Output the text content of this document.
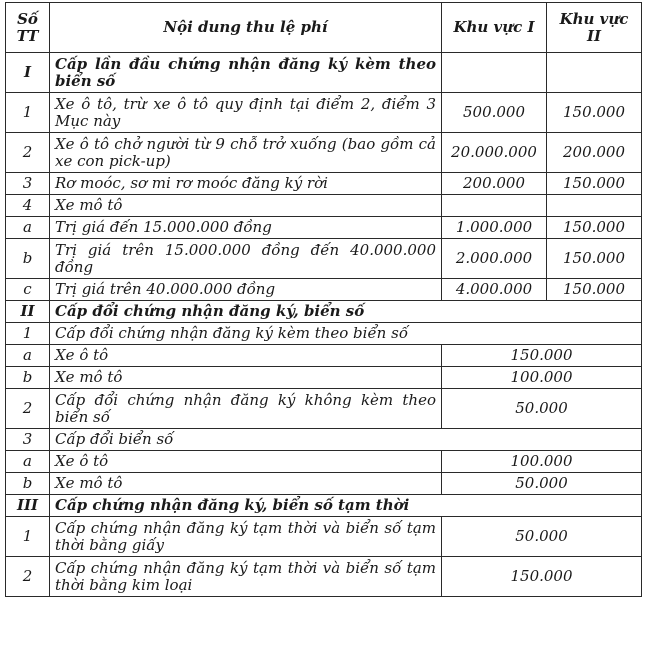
Số TT	Nội dung thu lệ phí	Khu vực I	Khu vực II
I	Cấp lần đầu chứng nhận đăng ký kèm theo biển số		
1	Xe ô tô, trừ xe ô tô quy định tại điểm 2, điểm 3 Mục này	500.000	150.000
2	Xe ô tô chở người từ 9 chỗ trở xuống (bao gồm cả xe con pick-up)	20.000.000	200.000
3	Rơ moóc, sơ mi rơ moóc đăng ký rời	200.000	150.000
4	Xe mô tô		
a	Trị giá đến 15.000.000 đồng	1.000.000	150.000
b	Trị giá trên 15.000.000 đồng đến 40.000.000 đồng	2.000.000	150.000
c	Trị giá trên 40.000.000 đồng	4.000.000	150.000
II	Cấp đổi chứng nhận đăng ký, biển số		
1	Cấp đổi chứng nhận đăng ký kèm theo biển số		
a	Xe ô tô	150.000	
b	Xe mô tô	100.000	
2	Cấp đổi chứng nhận đăng ký không kèm theo biển số	50.000	
3	Cấp đổi biển số		
a	Xe ô tô	100.000	
b	Xe mô tô	50.000	
III	Cấp chứng nhận đăng ký, biển số tạm thời		
1	Cấp chứng nhận đăng ký tạm thời và biển số tạm thời bằng giấy	50.000	
2	Cấp chứng nhận đăng ký tạm thời và biển số tạm thời bằng kim loại	150.000	
